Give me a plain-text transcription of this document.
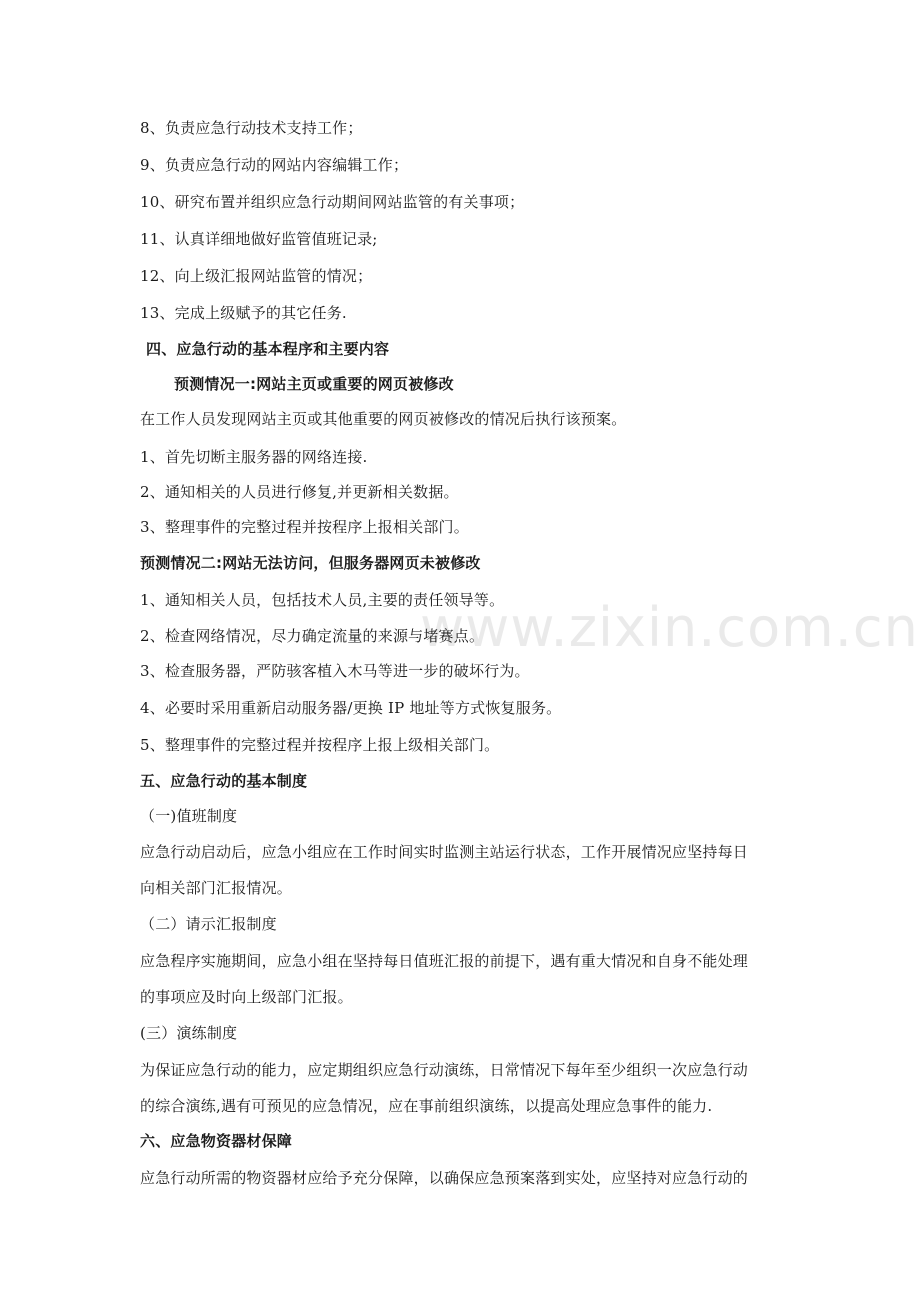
www.zixin.com.cn
8、负责应急行动技术支持工作；
9、负责应急行动的网站内容编辑工作；
10、研究布置并组织应急行动期间网站监管的有关事项；
11、认真详细地做好监管值班记录;
12、向上级汇报网站监管的情况；
13、完成上级赋予的其它任务.
四、应急行动的基本程序和主要内容
预测情况一:网站主页或重要的网页被修改
在工作人员发现网站主页或其他重要的网页被修改的情况后执行该预案。
1、首先切断主服务器的网络连接.
2、通知相关的人员进行修复,并更新相关数据。
3、整理事件的完整过程并按程序上报相关部门。
预测情况二:网站无法访问，但服务器网页未被修改
1、通知相关人员，包括技术人员,主要的责任领导等。
2、检查网络情况，尽力确定流量的来源与堵赛点。
3、检查服务器，严防骇客植入木马等进一步的破坏行为。
4、必要时采用重新启动服务器/更换 IP 地址等方式恢复服务。
5、整理事件的完整过程并按程序上报上级相关部门。
五、应急行动的基本制度
（一)值班制度
应急行动启动后，应急小组应在工作时间实时监测主站运行状态，工作开展情况应坚持每日
向相关部门汇报情况。
（二）请示汇报制度
应急程序实施期间，应急小组在坚持每日值班汇报的前提下，遇有重大情况和自身不能处理
的事项应及时向上级部门汇报。
(三）演练制度
为保证应急行动的能力，应定期组织应急行动演练，日常情况下每年至少组织一次应急行动
的综合演练,遇有可预见的应急情况，应在事前组织演练，以提高处理应急事件的能力.
六、应急物资器材保障
应急行动所需的物资器材应给予充分保障，以确保应急预案落到实处，应坚持对应急行动的
